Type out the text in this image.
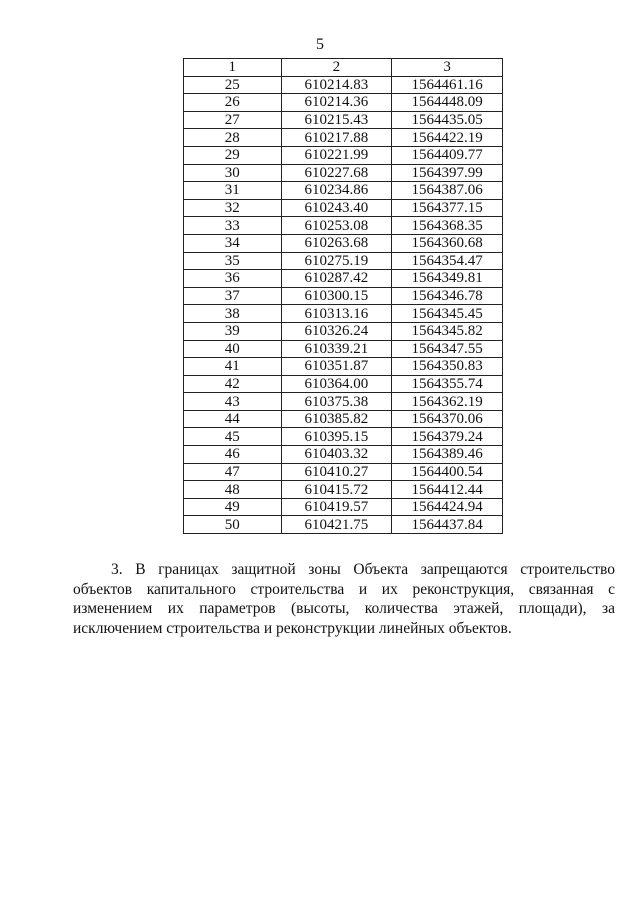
5
1	2	3
25	610214.83	1564461.16
26	610214.36	1564448.09
27	610215.43	1564435.05
28	610217.88	1564422.19
29	610221.99	1564409.77
30	610227.68	1564397.99
31	610234.86	1564387.06
32	610243.40	1564377.15
33	610253.08	1564368.35
34	610263.68	1564360.68
35	610275.19	1564354.47
36	610287.42	1564349.81
37	610300.15	1564346.78
38	610313.16	1564345.45
39	610326.24	1564345.82
40	610339.21	1564347.55
41	610351.87	1564350.83
42	610364.00	1564355.74
43	610375.38	1564362.19
44	610385.82	1564370.06
45	610395.15	1564379.24
46	610403.32	1564389.46
47	610410.27	1564400.54
48	610415.72	1564412.44
49	610419.57	1564424.94
50	610421.75	1564437.84

3. В границах защитной зоны Объекта запрещаются строительство объектов капитального строительства и их реконструкция, связанная с изменением их параметров (высоты, количества этажей, площади), за исключением строительства и реконструкции линейных объектов.
